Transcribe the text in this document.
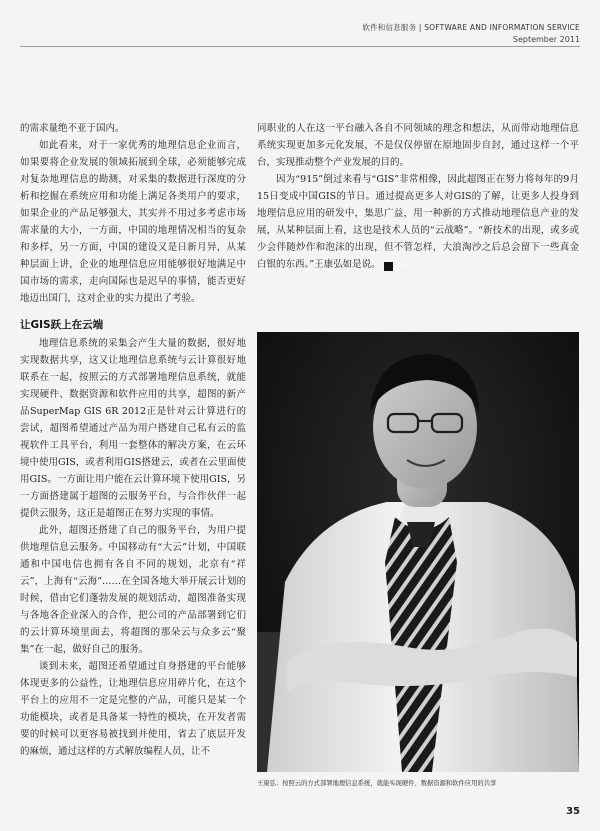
软件和信息服务 | SOFTWARE AND INFORMATION SERVICE
September 2011

的需求量绝不亚于国内。

如此看来，对于一家优秀的地理信息企业而言，如果要将企业发展的领域拓展到全球，必须能够完成对复杂地理信息的勘测，对采集的数据进行深度的分析和挖掘在系统应用和功能上满足各类用户的要求，如果企业的产品足够强大，其实并不用过多考虑市场需求量的大小，一方面，中国的地理情况相当的复杂和多样，另一方面，中国的建设又是日新月异，从某种层面上讲，企业的地理信息应用能够很好地满足中国市场的需求，走向国际也是迟早的事情，能否更好地迈出国门，这对企业的实力提出了考验。

让GIS跃上在云端

地理信息系统的采集会产生大量的数据，很好地实现数据共享，这又让地理信息系统与云计算很好地联系在一起，按照云的方式部署地理信息系统，就能实现硬件、数据资源和软件应用的共享，超图的新产品SuperMap GIS 6R 2012正是针对云计算进行的尝试，超图希望通过产品为用户搭建自己私有云的监视软件工具平台，利用一套整体的解决方案，在云环境中使用GIS，或者利用GIS搭建云，或者在云里面使用GIS。一方面让用户能在云计算环境下使用GIS，另一方面搭建属于超图的云服务平台，与合作伙伴一起提供云服务，这正是超图正在努力实现的事情。

此外，超图还搭建了自己的服务平台，为用户提供地理信息云服务。中国移动有“大云”计划，中国联通和中国电信也拥有各自不同的规划，北京有“祥云”，上海有“云海”……在全国各地大举开展云计划的时候，借由它们蓬勃发展的规划活动，超图准备实现与各地各企业深入的合作，把公司的产品部署到它们的云计算环境里面去，将超图的那朵云与众多云“聚集”在一起，做好自己的服务。

谈到未来，超图还希望通过自身搭建的平台能够体现更多的公益性，让地理信息应用碎片化，在这个平台上的应用不一定是完整的产品，可能只是某一个功能模块，或者是具备某一特性的模块，在开发者需要的时候可以更容易被找到并使用，省去了底层开发的麻烦，通过这样的方式解放编程人员，让不

同职业的人在这一平台融入各自不同领域的理念和想法，从而带动地理信息系统实现更加多元化发展，不是仅仅停留在原地固步自封，通过这样一个平台，实现推动整个产业发展的目的。

因为“915”倒过来看与“GIS”非常相像，因此超图正在努力将每年的9月15日变成中国GIS的节日。通过提高更多人对GIS的了解，让更多人投身到地理信息应用的研发中，集思广益，用一种新的方式推动地理信息产业的发展，从某种层面上看，这也是技术人员的“云战略”。“新技术的出现，或多或少会伴随炒作和泡沫的出现，但不管怎样，大浪淘沙之后总会留下一些真金白银的东西。”王康弘如是说。	S

王康弘：按照云的方式部署地理信息系统，就能实现硬件、数据资源和软件应用的共享
35
